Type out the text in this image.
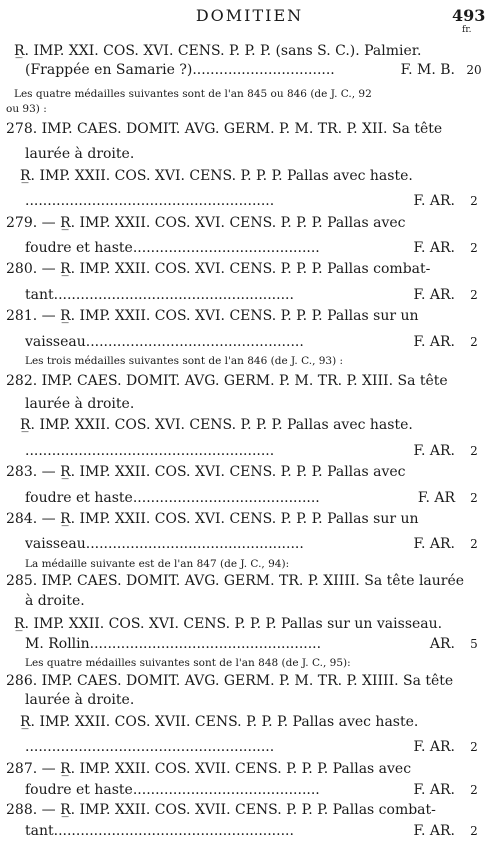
DOMITIEN	493
fr.
R̲. IMP. XXI. COS. XVI. CENS. P. P. P. (sans S. C.). Palmier.
(Frappée en Samarie ?)................................	F. M. B. 20
Les quatre médailles suivantes sont de l'an 845 ou 846 (de J. C., 92
ou 93) :
278. IMP. CAES. DOMIT. AVG. GERM. P. M. TR. P. XII. Sa tête
laurée à droite.
R̲. IMP. XXII. COS. XVI. CENS. P. P. P. Pallas avec haste.
........................................................	F. AR.	2
279. — R̲. IMP. XXII. COS. XVI. CENS. P. P. P. Pallas avec
foudre et haste..........................................	F. AR.	2
280. — R̲. IMP. XXII. COS. XVI. CENS. P. P. P. Pallas combat-
tant......................................................	F. AR.	2
281. — R̲. IMP. XXII. COS. XVI. CENS. P. P. P. Pallas sur un
vaisseau.................................................	F. AR.	2
Les trois médailles suivantes sont de l'an 846 (de J. C., 93) :
282. IMP. CAES. DOMIT. AVG. GERM. P. M. TR. P. XIII. Sa tête
laurée à droite.
R̲. IMP. XXII. COS. XVI. CENS. P. P. P. Pallas avec haste.
........................................................	F. AR.	2
283. — R̲. IMP. XXII. COS. XVI. CENS. P. P. P. Pallas avec
foudre et haste..........................................	F. AR	2
284. — R̲. IMP. XXII. COS. XVI. CENS. P. P. P. Pallas sur un
vaisseau.................................................	F. AR.	2
La médaille suivante est de l'an 847 (de J. C., 94):
285. IMP. CAES. DOMIT. AVG. GERM. TR. P. XIIII. Sa tête laurée
à droite.
R̲. IMP. XXII. COS. XVI. CENS. P. P. P. Pallas sur un vaisseau.
M. Rollin....................................................	AR.	5
Les quatre médailles suivantes sont de l'an 848 (de J. C., 95):
286. IMP. CAES. DOMIT. AVG. GERM. P. M. TR. P. XIIII. Sa tête
laurée à droite.
R̲. IMP. XXII. COS. XVII. CENS. P. P. P. Pallas avec haste.
........................................................	F. AR.	2
287. — R̲. IMP. XXII. COS. XVII. CENS. P. P. P. Pallas avec
foudre et haste..........................................	F. AR.	2
288. — R̲. IMP. XXII. COS. XVII. CENS. P. P. P. Pallas combat-
tant......................................................	F. AR.	2
